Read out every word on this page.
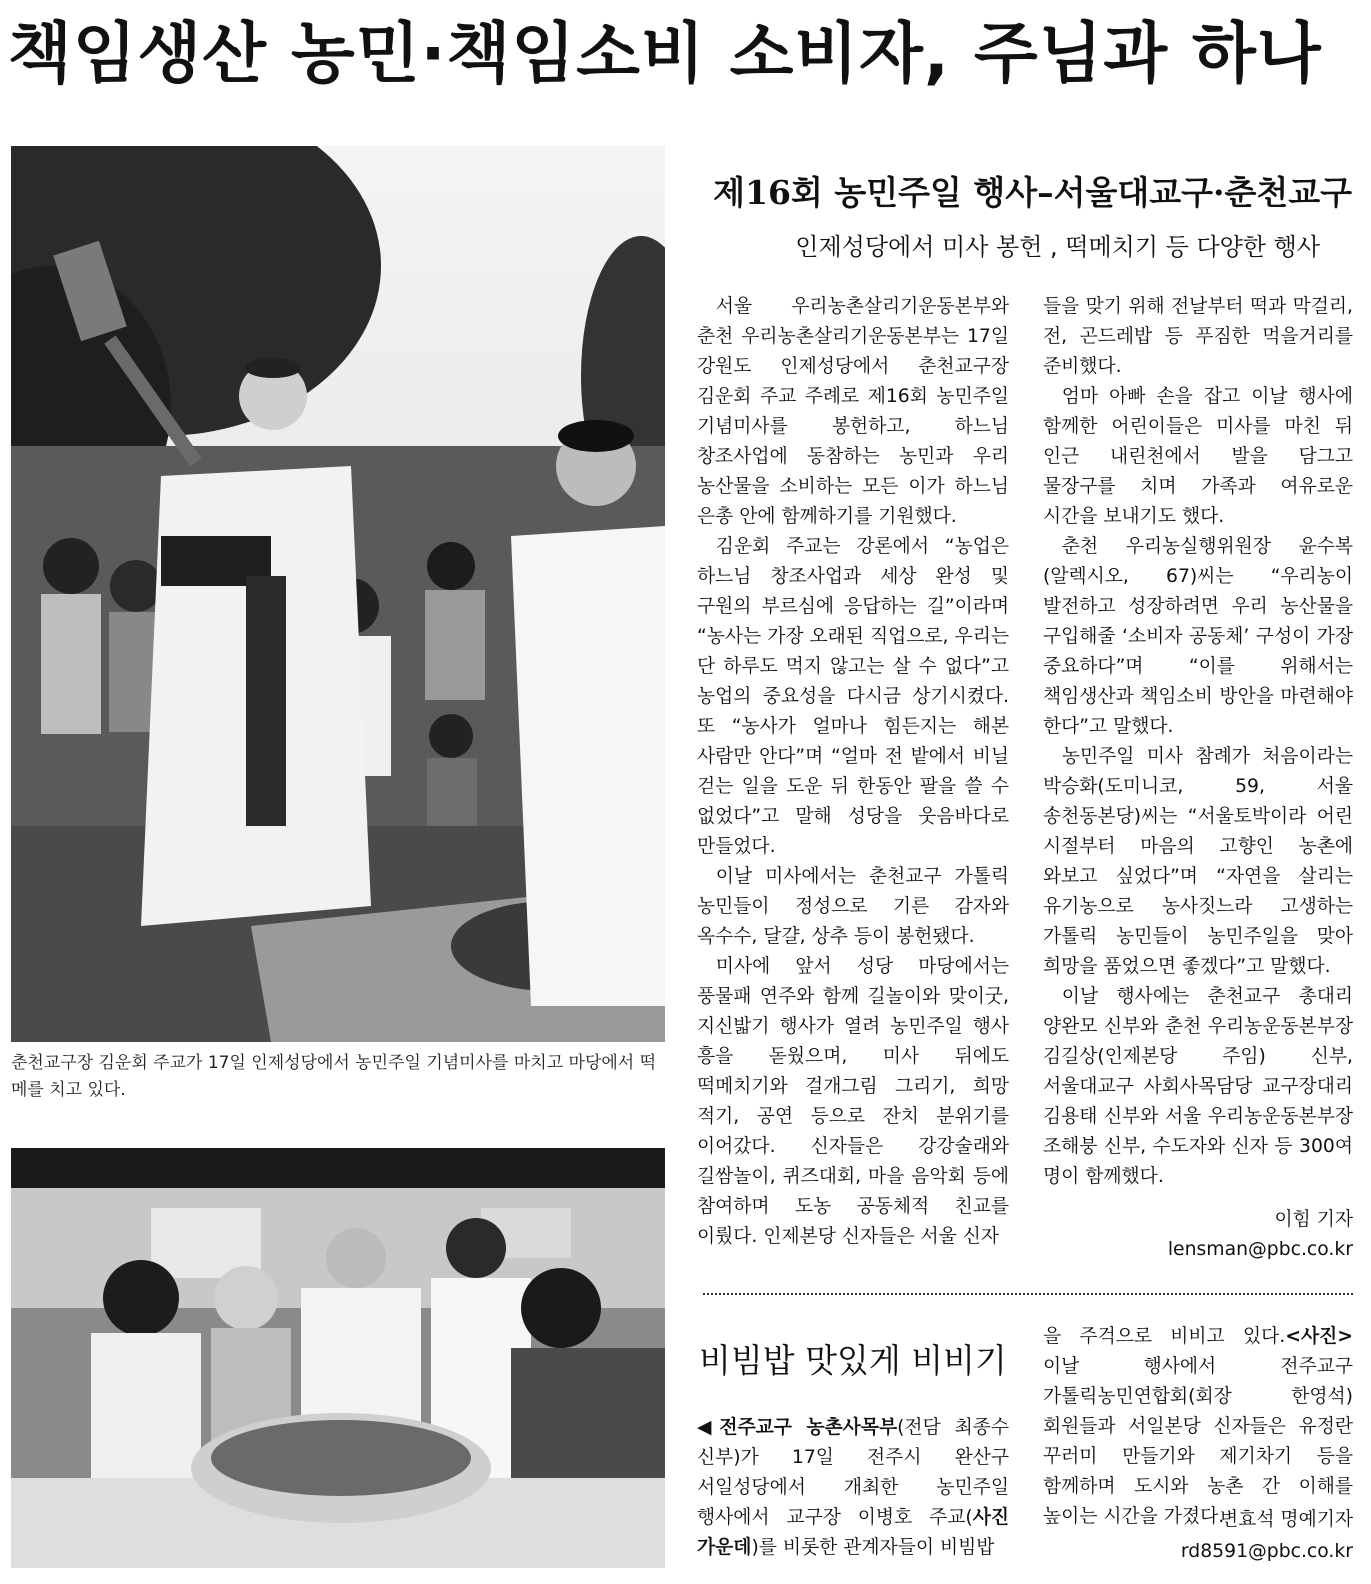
책임생산 농민·책임소비 소비자, 주님과 하나
춘천교구장 김운회 주교가 17일 인제성당에서 농민주일 기념미사를 마치고 마당에서 떡메를 치고 있다.
제16회 농민주일 행사–서울대교구·춘천교구
인제성당에서 미사 봉헌 , 떡메치기 등 다양한 행사

서울 우리농촌살리기운동본부와 춘천 우리농촌살리기운동본부는 17일 강원도 인제성당에서 춘천교구장 김운회 주교 주례로 제16회 농민주일 기념미사를 봉헌하고, 하느님 창조사업에 동참하는 농민과 우리 농산물을 소비하는 모든 이가 하느님 은총 안에 함께하기를 기원했다.

김운회 주교는 강론에서 “농업은 하느님 창조사업과 세상 완성 및 구원의 부르심에 응답하는 길”이라며 “농사는 가장 오래된 직업으로, 우리는 단 하루도 먹지 않고는 살 수 없다”고 농업의 중요성을 다시금 상기시켰다. 또 “농사가 얼마나 힘든지는 해본 사람만 안다”며 “얼마 전 밭에서 비닐 걷는 일을 도운 뒤 한동안 팔을 쓸 수 없었다”고 말해 성당을 웃음바다로 만들었다.

이날 미사에서는 춘천교구 가톨릭 농민들이 정성으로 기른 감자와 옥수수, 달걀, 상추 등이 봉헌됐다.

미사에 앞서 성당 마당에서는 풍물패 연주와 함께 길놀이와 맞이굿, 지신밟기 행사가 열려 농민주일 행사 흥을 돋웠으며, 미사 뒤에도 떡메치기와 걸개그림 그리기, 희망 적기, 공연 등으로 잔치 분위기를 이어갔다. 신자들은 강강술래와 길쌈놀이, 퀴즈대회, 마을 음악회 등에 참여하며 도농 공동체적 친교를 이뤘다. 인제본당 신자들은 서울 신자

들을 맞기 위해 전날부터 떡과 막걸리, 전, 곤드레밥 등 푸짐한 먹을거리를 준비했다.

엄마 아빠 손을 잡고 이날 행사에 함께한 어린이들은 미사를 마친 뒤 인근 내린천에서 발을 담그고 물장구를 치며 가족과 여유로운 시간을 보내기도 했다.

춘천 우리농실행위원장 윤수복(알렉시오, 67)씨는 “우리농이 발전하고 성장하려면 우리 농산물을 구입해줄 ‘소비자 공동체’ 구성이 가장 중요하다”며 “이를 위해서는 책임생산과 책임소비 방안을 마련해야 한다”고 말했다.

농민주일 미사 참례가 처음이라는 박승화(도미니코, 59, 서울 송천동본당)씨는 “서울토박이라 어린 시절부터 마음의 고향인 농촌에 와보고 싶었다”며 “자연을 살리는 유기농으로 농사짓느라 고생하는 가톨릭 농민들이 농민주일을 맞아 희망을 품었으면 좋겠다”고 말했다.

이날 행사에는 춘천교구 총대리 양완모 신부와 춘천 우리농운동본부장 김길상(인제본당 주임) 신부, 서울대교구 사회사목담당 교구장대리 김용태 신부와 서울 우리농운동본부장 조해붕 신부, 수도자와 신자 등 300여 명이 함께했다.

이힘 기자
lensman@pbc.co.kr
비빔밥 맛있게 비비기

◀전주교구 농촌사목부(전담 최종수 신부)가 17일 전주시 완산구 서일성당에서 개최한 농민주일 행사에서 교구장 이병호 주교(사진 가운데)를 비롯한 관계자들이 비빔밥

을 주걱으로 비비고 있다.<사진> 이날 행사에서 전주교구 가톨릭농민연합회(회장 한영석) 회원들과 서일본당 신자들은 유정란 꾸러미 만들기와 제기차기 등을 함께하며 도시와 농촌 간 이해를 높이는 시간을 가졌다.

변효석 명예기자
rd8591@pbc.co.kr
